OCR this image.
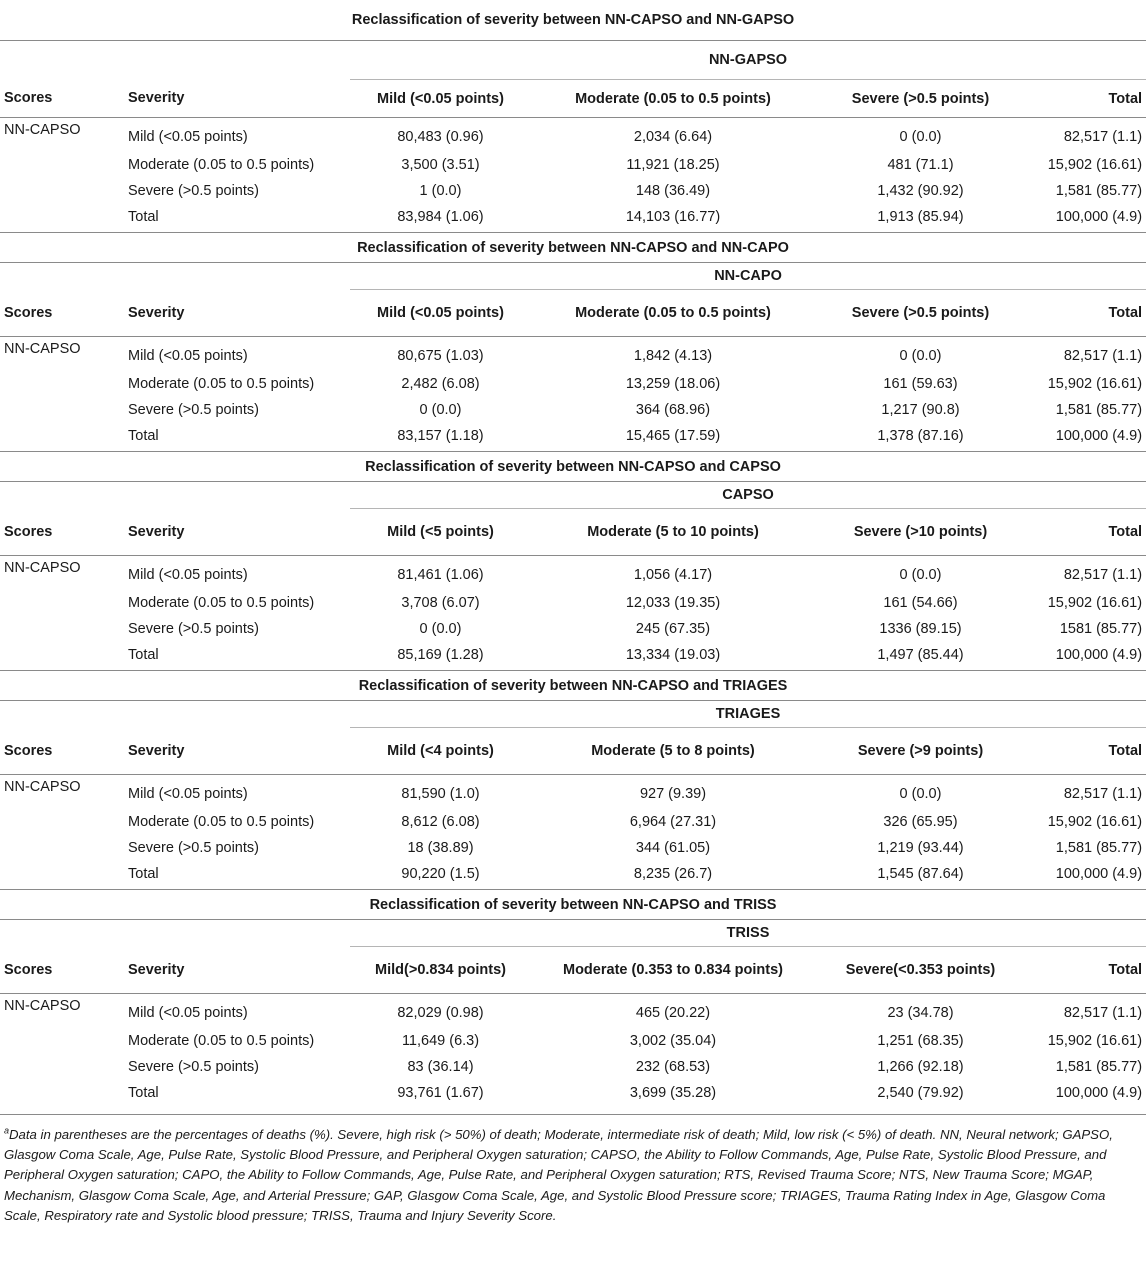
Reclassification of severity between NN-CAPSO and NN-GAPSO					
		NN-GAPSO			
Scores	Severity	Mild (<0.05 points)	Moderate (0.05 to 0.5 points)	Severe (>0.5 points)	Total
NN-CAPSO	Mild (<0.05 points)	80,483 (0.96)	2,034 (6.64)	0 (0.0)	82,517 (1.1)
	Moderate (0.05 to 0.5 points)	3,500 (3.51)	11,921 (18.25)	481 (71.1)	15,902 (16.61)
	Severe (>0.5 points)	1 (0.0)	148 (36.49)	1,432 (90.92)	1,581 (85.77)
	Total	83,984 (1.06)	14,103 (16.77)	1,913 (85.94)	100,000 (4.9)
Reclassification of severity between NN-CAPSO and NN-CAPO					
		NN-CAPO			
Scores	Severity	Mild (<0.05 points)	Moderate (0.05 to 0.5 points)	Severe (>0.5 points)	Total
NN-CAPSO	Mild (<0.05 points)	80,675 (1.03)	1,842 (4.13)	0 (0.0)	82,517 (1.1)
	Moderate (0.05 to 0.5 points)	2,482 (6.08)	13,259 (18.06)	161 (59.63)	15,902 (16.61)
	Severe (>0.5 points)	0 (0.0)	364 (68.96)	1,217 (90.8)	1,581 (85.77)
	Total	83,157 (1.18)	15,465 (17.59)	1,378 (87.16)	100,000 (4.9)
Reclassification of severity between NN-CAPSO and CAPSO					
		CAPSO			
Scores	Severity	Mild (<5 points)	Moderate (5 to 10 points)	Severe (>10 points)	Total
NN-CAPSO	Mild (<0.05 points)	81,461 (1.06)	1,056 (4.17)	0 (0.0)	82,517 (1.1)
	Moderate (0.05 to 0.5 points)	3,708 (6.07)	12,033 (19.35)	161 (54.66)	15,902 (16.61)
	Severe (>0.5 points)	0 (0.0)	245 (67.35)	1336 (89.15)	1581 (85.77)
	Total	85,169 (1.28)	13,334 (19.03)	1,497 (85.44)	100,000 (4.9)
Reclassification of severity between NN-CAPSO and TRIAGES					
		TRIAGES			
Scores	Severity	Mild (<4 points)	Moderate (5 to 8 points)	Severe (>9 points)	Total
NN-CAPSO	Mild (<0.05 points)	81,590 (1.0)	927 (9.39)	0 (0.0)	82,517 (1.1)
	Moderate (0.05 to 0.5 points)	8,612 (6.08)	6,964 (27.31)	326 (65.95)	15,902 (16.61)
	Severe (>0.5 points)	18 (38.89)	344 (61.05)	1,219 (93.44)	1,581 (85.77)
	Total	90,220 (1.5)	8,235 (26.7)	1,545 (87.64)	100,000 (4.9)
Reclassification of severity between NN-CAPSO and TRISS					
		TRISS			
Scores	Severity	Mild(>0.834 points)	Moderate (0.353 to 0.834 points)	Severe(<0.353 points)	Total
NN-CAPSO	Mild (<0.05 points)	82,029 (0.98)	465 (20.22)	23 (34.78)	82,517 (1.1)
	Moderate (0.05 to 0.5 points)	11,649 (6.3)	3,002 (35.04)	1,251 (68.35)	15,902 (16.61)
	Severe (>0.5 points)	83 (36.14)	232 (68.53)	1,266 (92.18)	1,581 (85.77)
	Total	93,761 (1.67)	3,699 (35.28)	2,540 (79.92)	100,000 (4.9)
$^a$Data in parentheses are the percentages of deaths (%). Severe, high risk (> 50%) of death; Moderate, intermediate risk of death; Mild, low risk (< 5%) of death. NN, Neural network; GAPSO, Glasgow Coma Scale, Age, Pulse Rate, Systolic Blood Pressure, and Peripheral Oxygen saturation; CAPSO, the Ability to Follow Commands, Age, Pulse Rate, Systolic Blood Pressure, and Peripheral Oxygen saturation; CAPO, the Ability to Follow Commands, Age, Pulse Rate, and Peripheral Oxygen saturation; RTS, Revised Trauma Score; NTS, New Trauma Score; MGAP, Mechanism, Glasgow Coma Scale, Age, and Arterial Pressure; GAP, Glasgow Coma Scale, Age, and Systolic Blood Pressure score; TRIAGES, Trauma Rating Index in Age, Glasgow Coma Scale, Respiratory rate and Systolic blood pressure; TRISS, Trauma and Injury Severity Score.
